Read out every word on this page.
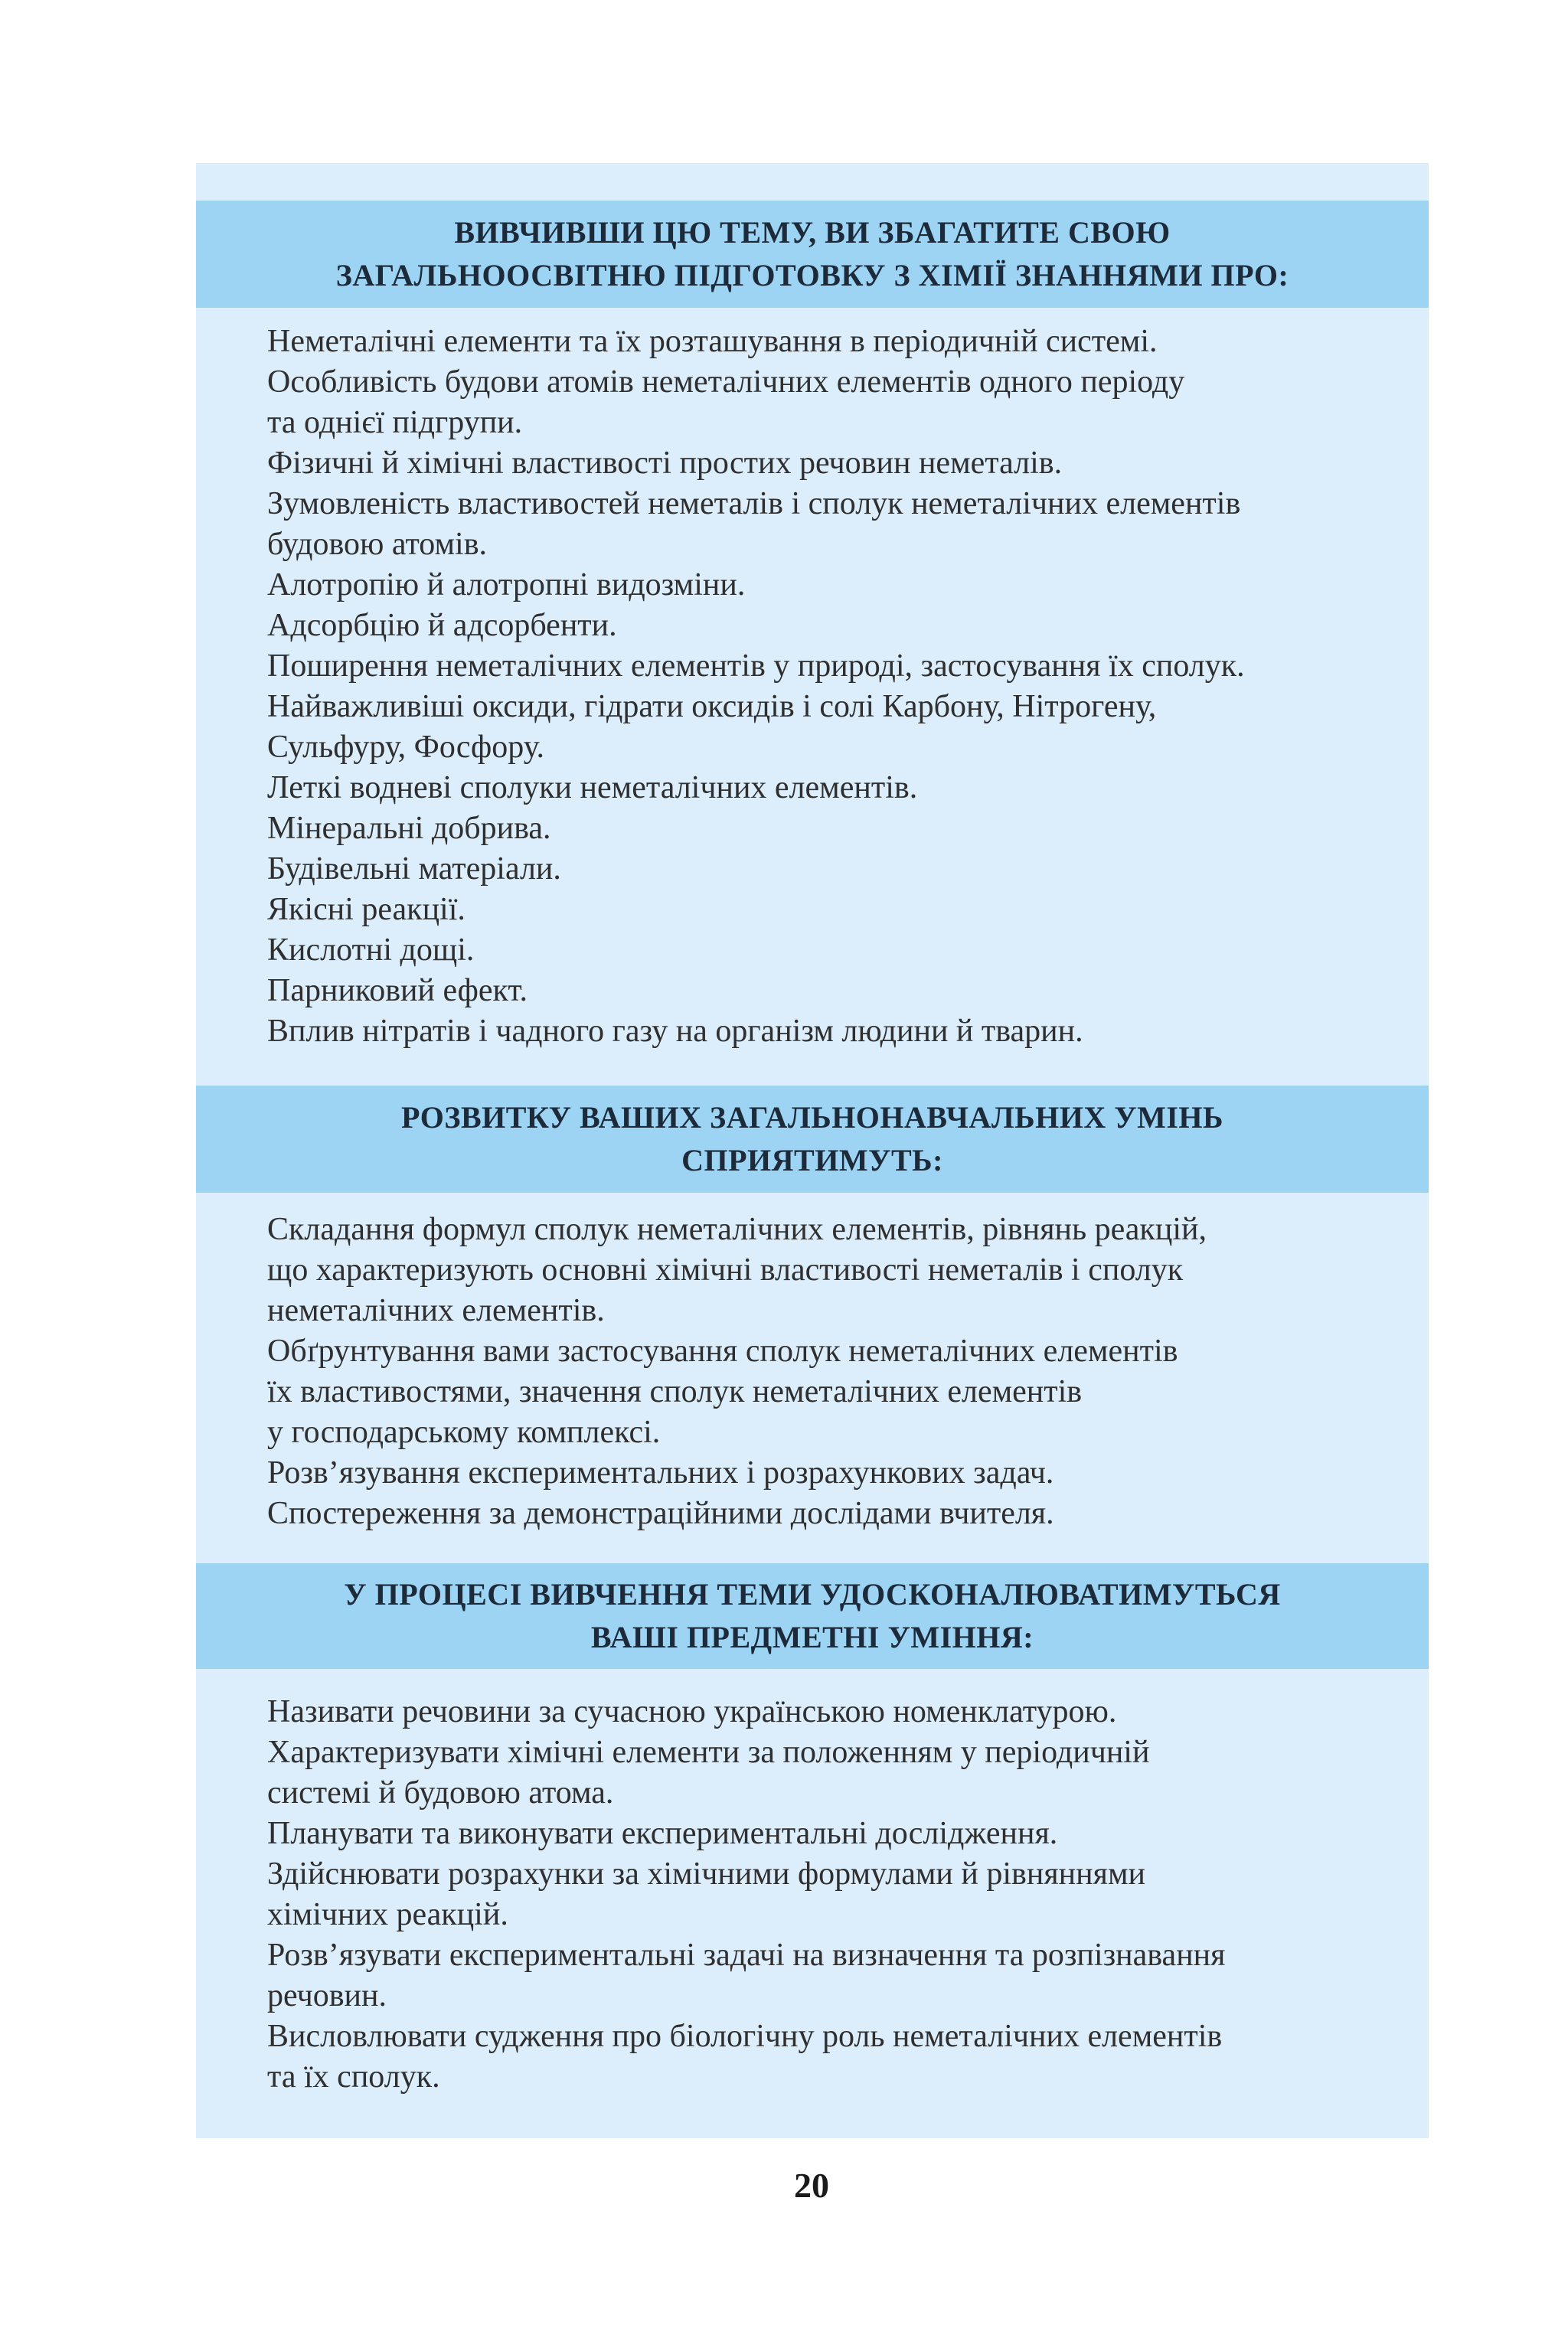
ВИВЧИВШИ ЦЮ ТЕМУ, ВИ ЗБАГАТИТЕ СВОЮ
ЗАГАЛЬНООСВІТНЮ ПІДГОТОВКУ З ХІМІЇ ЗНАННЯМИ ПРО:
Неметалічні елементи та їх розташування в періодичній системі.
Особливість будови атомів неметалічних елементів одного періоду
та однієї підгрупи.
Фізичні й хімічні властивості простих речовин неметалів.
Зумовленість властивостей неметалів і сполук неметалічних елементів
будовою атомів.
Алотропію й алотропні видозміни.
Адсорбцію й адсорбенти.
Поширення неметалічних елементів у природі, застосування їх сполук.
Найважливіші оксиди, гідрати оксидів і солі Карбону, Нітрогену,
Сульфуру, Фосфору.
Леткі водневі сполуки неметалічних елементів.
Мінеральні добрива.
Будівельні матеріали.
Якісні реакції.
Кислотні дощі.
Парниковий ефект.
Вплив нітратів і чадного газу на організм людини й тварин.
РОЗВИТКУ ВАШИХ ЗАГАЛЬНОНАВЧАЛЬНИХ УМІНЬ
СПРИЯТИМУТЬ:
Складання формул сполук неметалічних елементів, рівнянь реакцій,
що характеризують основні хімічні властивості неметалів і сполук
неметалічних елементів.
Обґрунтування вами застосування сполук неметалічних елементів
їх властивостями, значення сполук неметалічних елементів
у господарському комплексі.
Розв’язування експериментальних і розрахункових задач.
Спостереження за демонстраційними дослідами вчителя.
У ПРОЦЕСІ ВИВЧЕННЯ ТЕМИ УДОСКОНАЛЮВАТИМУТЬСЯ
ВАШІ ПРЕДМЕТНІ УМІННЯ:
Називати речовини за сучасною українською номенклатурою.
Характеризувати хімічні елементи за положенням у періодичній
системі й будовою атома.
Планувати та виконувати експериментальні дослідження.
Здійснювати розрахунки за хімічними формулами й рівняннями
хімічних реакцій.
Розв’язувати експериментальні задачі на визначення та розпізнавання
речовин.
Висловлювати судження про біологічну роль неметалічних елементів
та їх сполук.
20
